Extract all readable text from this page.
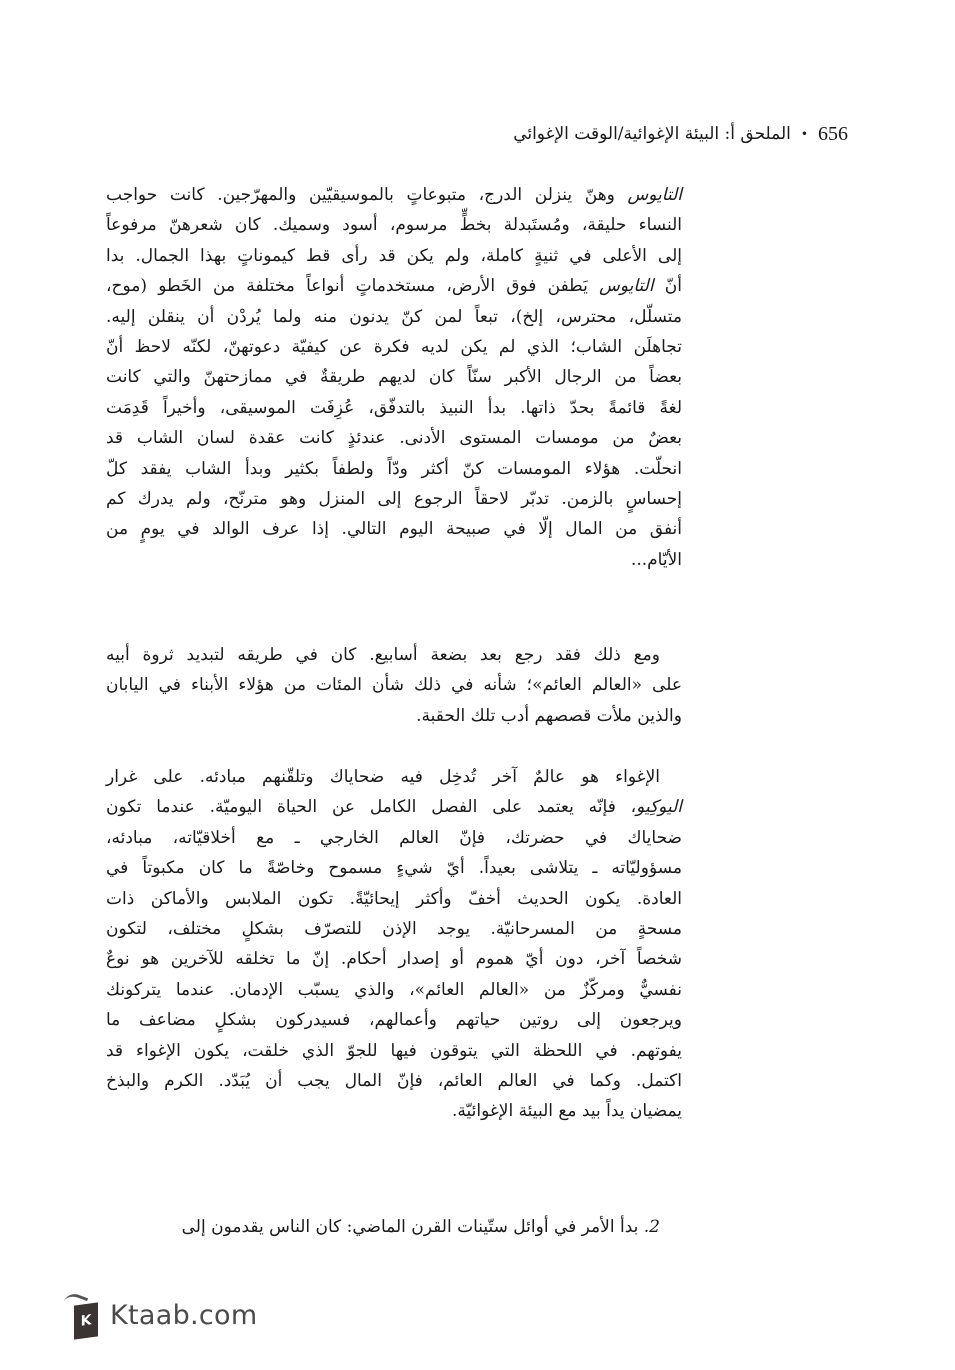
656
•
الملحق أ: البيئة الإغوائية/الوقت الإغوائي

التايوس وهنّ ينزلن الدرج، متبوعاتٍ بالموسيقيّين والمهرّجين. كانت حواجب
النساء حليقة، ومُستَبدلة بخطٍّ مرسوم، أسود وسميك. كان شعرهنّ مرفوعاً
إلى الأعلى في ثنيةٍ كاملة، ولم يكن قد رأى قط كيموناتٍ بهذا الجمال. بدا
أنّ التايوس يَطفن فوق الأرض، مستخدماتٍ أنواعاً مختلفة من الخَطو (موح،
متسلّل، محترس، إلخ)، تبعاً لمن كنّ يدنون منه ولما يُردْن أن ينقلن إليه.
تجاهلَن الشاب؛ الذي لم يكن لديه فكرة عن كيفيّة دعوتهنّ، لكنّه لاحظ أنّ
بعضاً من الرجال الأكبر سنّاً كان لديهم طريقةٌ في ممازحتهنّ والتي كانت
لغةً قائمةً بحدّ ذاتها. بدأ النبيذ بالتدفّق، عُزِفَت الموسيقى، وأخيراً قَدِمَت
بعضٌ من مومسات المستوى الأدنى. عندئذٍ كانت عقدة لسان الشاب قد
انحلّت. هؤلاء المومسات كنّ أكثر ودّاً ولطفاً بكثير وبدأ الشاب يفقد كلّ
إحساسٍ بالزمن. تدبّر لاحقاً الرجوع إلى المنزل وهو مترنّح، ولم يدرك كم
أنفق من المال إلّا في صبيحة اليوم التالي. إذا عرف الوالد في يومٍ من
الأيّام...

ومع ذلك فقد رجع بعد بضعة أسابيع. كان في طريقه لتبديد ثروة أبيه
على «العالم العائم»؛ شأنه في ذلك شأن المئات من هؤلاء الأبناء في اليابان
والذين ملأت قصصهم أدب تلك الحقبة.

الإغواء هو عالمٌ آخر تُدخِل فيه ضحاياك وتلقّنهم مبادئه. على غرار
اليوكِيو، فإنّه يعتمد على الفصل الكامل عن الحياة اليوميّة. عندما تكون
ضحاياك في حضرتك، فإنّ العالم الخارجي ـ مع أخلاقيّاته، مبادئه،
مسؤوليّاته ـ يتلاشى بعيداً. أيّ شيءٍ مسموح وخاصّةً ما كان مكبوتاً في
العادة. يكون الحديث أخفّ وأكثر إيحائيّةً. تكون الملابس والأماكن ذات
مسحةٍ من المسرحانيّة. يوجد الإذن للتصرّف بشكلٍ مختلف، لتكون
شخصاً آخر، دون أيّ هموم أو إصدار أحكام. إنّ ما تخلقه للآخرين هو نوعٌ
نفسيٌّ ومركّزٌ من «العالم العائم»، والذي يسبّب الإدمان. عندما يتركونك
ويرجعون إلى روتين حياتهم وأعمالهم، فسيدركون بشكلٍ مضاعف ما
يفوتهم. في اللحظة التي يتوقون فيها للجوّ الذي خلقت، يكون الإغواء قد
اكتمل. وكما في العالم العائم، فإنّ المال يجب أن يُبَدّد. الكرم والبذخ
يمضيان يداً بيد مع البيئة الإغوائيّة.

2. بدأ الأمر في أوائل ستّينات القرن الماضي: كان الناس يقدمون إلى

K Ktaab.com
